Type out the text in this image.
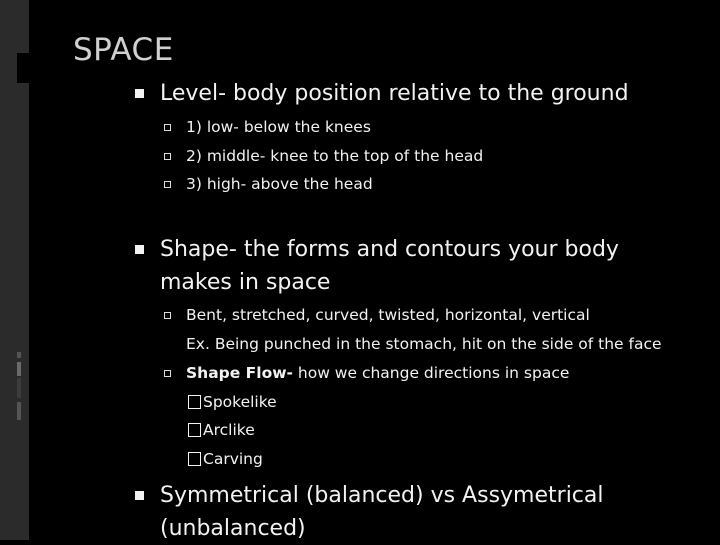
SPACE
Level- body position relative to the ground
1) low- below the knees
2) middle- knee to the top of the head
3) high- above the head
Shape- the forms and contours your body
makes in space
Bent, stretched, curved, twisted, horizontal, vertical
Ex. Being punched in the stomach, hit on the side of the face
Shape Flow- how we change directions in space
Spokelike
Arclike
Carving
Symmetrical (balanced) vs Assymetrical
(unbalanced)
